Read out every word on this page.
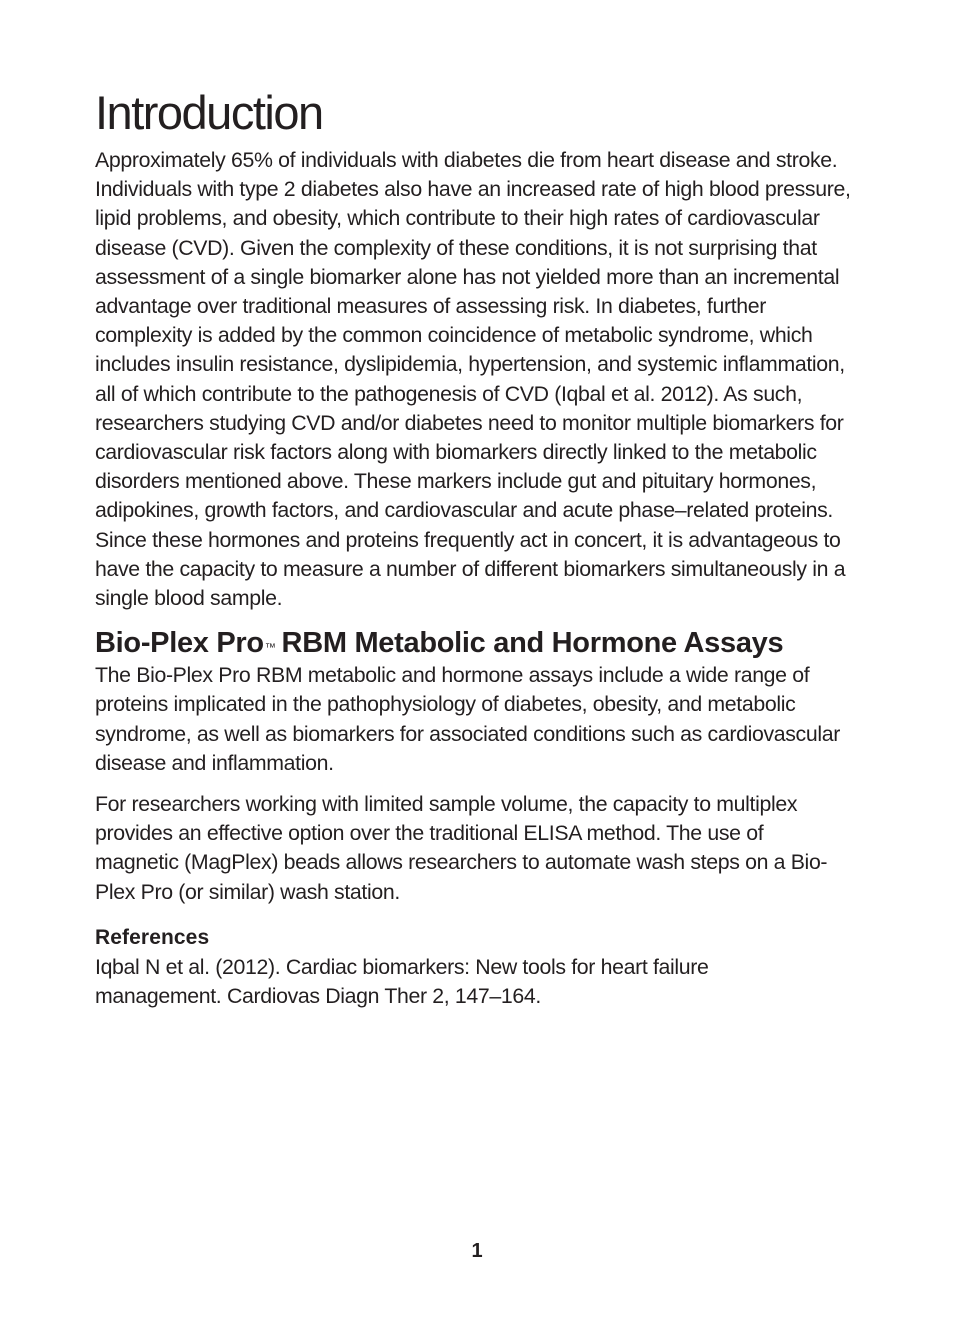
Introduction

Approximately 65% of individuals with diabetes die from heart disease and stroke. Individuals with type 2 diabetes also have an increased rate of high blood pressure, lipid problems, and obesity, which contribute to their high rates of cardiovascular disease (CVD). Given the complexity of these conditions, it is not surprising that assessment of a single biomarker alone has not yielded more than an incremental advantage over traditional measures of assessing risk. In diabetes, further complexity is added by the common coincidence of metabolic syndrome, which includes insulin resistance, dyslipidemia, hypertension, and systemic inflammation, all of which contribute to the pathogenesis of CVD (Iqbal et al. 2012). As such, researchers studying CVD and/or diabetes need to monitor multiple biomarkers for cardiovascular risk factors along with biomarkers directly linked to the metabolic disorders mentioned above. These markers include gut and pituitary hormones, adipokines, growth factors, and cardiovascular and acute phase–related proteins. Since these hormones and proteins frequently act in concert, it is advantageous to have the capacity to measure a number of different biomarkers simultaneously in a single blood sample.

Bio-Plex Pro™ RBM Metabolic and Hormone Assays

The Bio-Plex Pro RBM metabolic and hormone assays include a wide range of proteins implicated in the pathophysiology of diabetes, obesity, and metabolic syndrome, as well as biomarkers for associated conditions such as cardiovascular disease and inflammation.

For researchers working with limited sample volume, the capacity to multiplex provides an effective option over the traditional ELISA method. The use of magnetic (MagPlex) beads allows researchers to automate wash steps on a Bio-Plex Pro (or similar) wash station.

References

Iqbal N et al. (2012). Cardiac biomarkers: New tools for heart failure management. Cardiovas Diagn Ther 2, 147–164.

1
